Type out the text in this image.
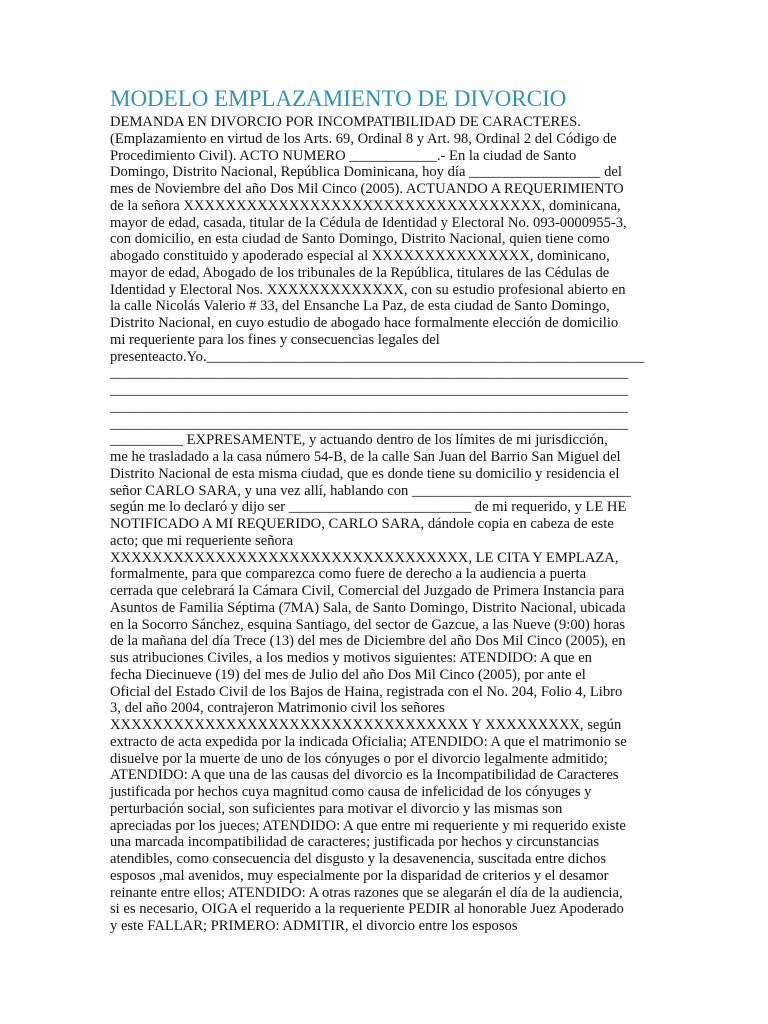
MODELO EMPLAZAMIENTO DE DIVORCIO
DEMANDA EN DIVORCIO POR INCOMPATIBILIDAD DE CARACTERES.
(Emplazamiento en virtud de los Arts. 69, Ordinal 8 y Art. 98, Ordinal 2 del Código de
Procedimiento Civil). ACTO NUMERO ____________.- En la ciudad de Santo
Domingo, Distrito Nacional, República Dominicana, hoy día __________________ del
mes de Noviembre del año Dos Mil Cinco (2005). ACTUANDO A REQUERIMIENTO
de la señora XXXXXXXXXXXXXXXXXXXXXXXXXXXXXXXXXX, dominicana,
mayor de edad, casada, titular de la Cédula de Identidad y Electoral No. 093-0000955-3,
con domicilio, en esta ciudad de Santo Domingo, Distrito Nacional, quien tiene como
abogado constituido y apoderado especial al XXXXXXXXXXXXXXX, dominicano,
mayor de edad, Abogado de los tribunales de la República, titulares de las Cédulas de
Identidad y Electoral Nos. XXXXXXXXXXXXX, con su estudio profesional abierto en
la calle Nicolás Valerio # 33, del Ensanche La Paz, de esta ciudad de Santo Domingo,
Distrito Nacional, en cuyo estudio de abogado hace formalmente elección de domicilio
mi requeriente para los fines y consecuencias legales del
presenteacto.Yo.____________________________________________________________
_______________________________________________________________________
_______________________________________________________________________
_______________________________________________________________________
_______________________________________________________________________
__________ EXPRESAMENTE, y actuando dentro de los límites de mi jurisdicción,
me he trasladado a la casa número 54-B, de la calle San Juan del Barrio San Miguel del
Distrito Nacional de esta misma ciudad, que es donde tiene su domicilio y residencia el
señor CARLO SARA, y una vez allí, hablando con ______________________________
según me lo declaró y dijo ser _________________________ de mi requerido, y LE HE
NOTIFICADO A MI REQUERIDO, CARLO SARA, dándole copia en cabeza de este
acto; que mi requeriente señora
XXXXXXXXXXXXXXXXXXXXXXXXXXXXXXXXXX, LE CITA Y EMPLAZA,
formalmente, para que comparezca como fuere de derecho a la audiencia a puerta
cerrada que celebrará la Cámara Civil, Comercial del Juzgado de Primera Instancia para
Asuntos de Familia Séptima (7MA) Sala, de Santo Domingo, Distrito Nacional, ubicada
en la Socorro Sánchez, esquina Santiago, del sector de Gazcue, a las Nueve (9:00) horas
de la mañana del día Trece (13) del mes de Diciembre del año Dos Mil Cinco (2005), en
sus atribuciones Civiles, a los medios y motivos siguientes: ATENDIDO: A que en
fecha Diecinueve (19) del mes de Julio del año Dos Mil Cinco (2005), por ante el
Oficial del Estado Civil de los Bajos de Haina, registrada con el No. 204, Folio 4, Libro
3, del año 2004, contrajeron Matrimonio civil los señores
XXXXXXXXXXXXXXXXXXXXXXXXXXXXXXXXXX Y XXXXXXXXX, según
extracto de acta expedida por la indicada Oficialia; ATENDIDO: A que el matrimonio se
disuelve por la muerte de uno de los cónyuges o por el divorcio legalmente admitido;
ATENDIDO: A que una de las causas del divorcio es la Incompatibilidad de Caracteres
justificada por hechos cuya magnitud como causa de infelicidad de los cónyuges y
perturbación social, son suficientes para motivar el divorcio y las mismas son
apreciadas por los jueces; ATENDIDO: A que entre mi requeriente y mi requerido existe
una marcada incompatibilidad de caracteres; justificada por hechos y circunstancias
atendibles, como consecuencia del disgusto y la desavenencia, suscitada entre dichos
esposos ,mal avenidos, muy especialmente por la disparidad de criterios y el desamor
reinante entre ellos; ATENDIDO: A otras razones que se alegarán el día de la audiencia,
si es necesario, OIGA el requerido a la requeriente PEDIR al honorable Juez Apoderado
y este FALLAR; PRIMERO: ADMITIR, el divorcio entre los esposos
